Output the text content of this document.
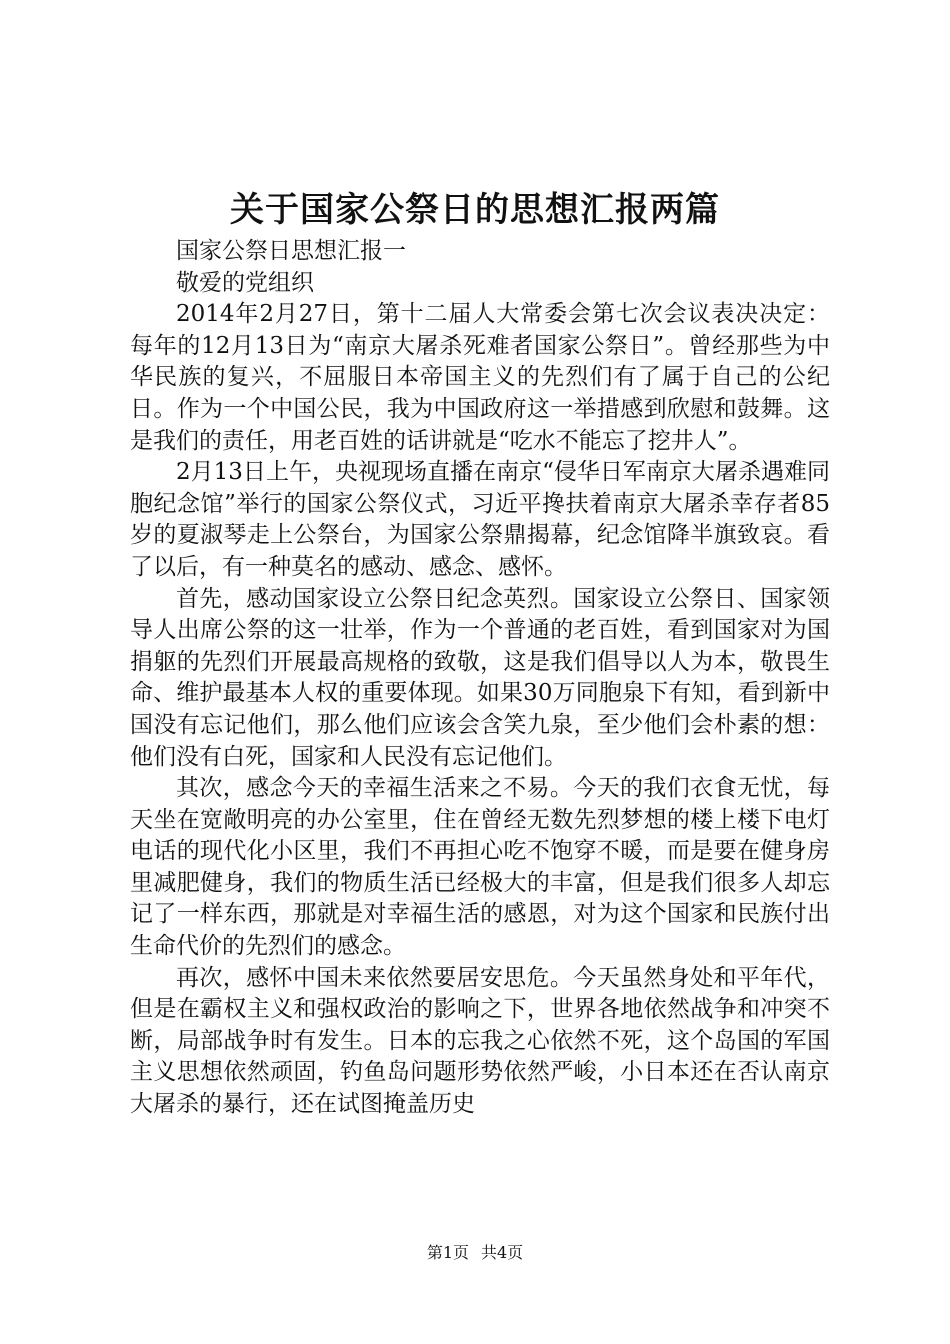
关于国家公祭日的思想汇报两篇

国家公祭日思想汇报一

敬爱的党组织

2014年2月27日，第十二届人大常委会第七次会议表决决定：每年的12月13日为“南京大屠杀死难者国家公祭日”。曾经那些为中华民族的复兴，不屈服日本帝国主义的先烈们有了属于自己的公纪日。作为一个中国公民，我为中国政府这一举措感到欣慰和鼓舞。这是我们的责任，用老百姓的话讲就是“吃水不能忘了挖井人”。

2月13日上午，央视现场直播在南京“侵华日军南京大屠杀遇难同胞纪念馆”举行的国家公祭仪式，习近平搀扶着南京大屠杀幸存者85岁的夏淑琴走上公祭台，为国家公祭鼎揭幕，纪念馆降半旗致哀。看了以后，有一种莫名的感动、感念、感怀。

首先，感动国家设立公祭日纪念英烈。国家设立公祭日、国家领导人出席公祭的这一壮举，作为一个普通的老百姓，看到国家对为国捐躯的先烈们开展最高规格的致敬，这是我们倡导以人为本，敬畏生命、维护最基本人权的重要体现。如果30万同胞泉下有知，看到新中国没有忘记他们，那么他们应该会含笑九泉，至少他们会朴素的想：他们没有白死，国家和人民没有忘记他们。

其次，感念今天的幸福生活来之不易。今天的我们衣食无忧，每天坐在宽敞明亮的办公室里，住在曾经无数先烈梦想的楼上楼下电灯电话的现代化小区里，我们不再担心吃不饱穿不暖，而是要在健身房里减肥健身，我们的物质生活已经极大的丰富，但是我们很多人却忘记了一样东西，那就是对幸福生活的感恩，对为这个国家和民族付出生命代价的先烈们的感念。

再次，感怀中国未来依然要居安思危。今天虽然身处和平年代，但是在霸权主义和强权政治的影响之下，世界各地依然战争和冲突不断，局部战争时有发生。日本的忘我之心依然不死，这个岛国的军国主义思想依然顽固，钓鱼岛问题形势依然严峻，小日本还在否认南京大屠杀的暴行，还在试图掩盖历史

第1页 共4页
